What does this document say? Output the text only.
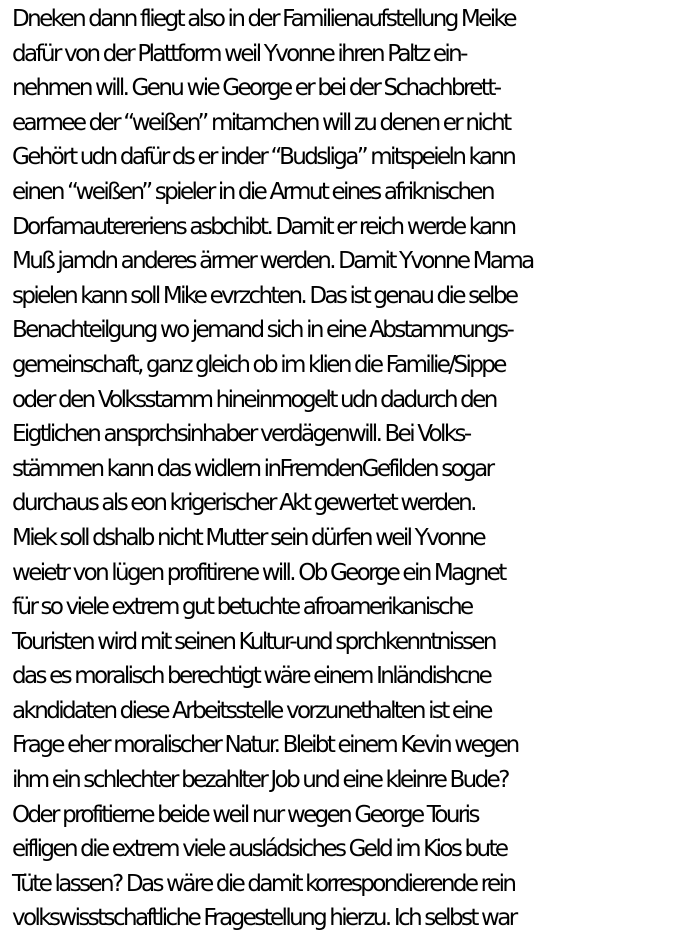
Dneken dann fliegt also in der Familienaufstellung Meike
dafür von der Plattform weil Yvonne ihren Paltz ein-
nehmen will. Genu wie George er bei der Schachbrett-
earmee der “weißen” mitamchen will zu denen er nicht
Gehört udn dafür ds er inder “Budsliga” mitspeieln kann
einen “weißen” spieler in die Armut eines afriknischen
Dorfamautereriens asbchibt. Damit er reich werde kann
Muß jamdn anderes ärmer werden. Damit Yvonne Mama
spielen kann soll Mike evrzchten. Das ist genau die selbe
Benachteilgung wo jemand sich in eine Abstammungs-
gemeinschaft, ganz gleich ob im klien die Familie/Sippe
oder den Volksstamm hineinmogelt udn dadurch den
Eigtlichen ansprchsinhaber verdägenwill. Bei Volks-
stämmen kann das widlern inFremdenGefilden sogar
durchaus als eon krigerischer Akt gewertet werden.
Miek soll dshalb nicht Mutter sein dürfen weil Yvonne
weietr von lügen profitirene will. Ob George ein Magnet
für so viele extrem gut betuchte afroamerikanische
Touristen wird mit seinen Kultur-und sprchkenntnissen
das es moralisch berechtigt wäre einem Inländishcne
akndidaten diese Arbeitsstelle vorzunethalten ist eine
Frage eher moralischer Natur. Bleibt einem Kevin wegen
ihm ein schlechter bezahlter Job und eine kleinre Bude?
Oder profitierne beide weil nur wegen George Touris
eifligen die extrem viele ausládsiches Geld im Kios bute
Tüte lassen? Das wäre die damit korrespondierende rein
volkswisstschaftliche Fragestellung hierzu. Ich selbst war
